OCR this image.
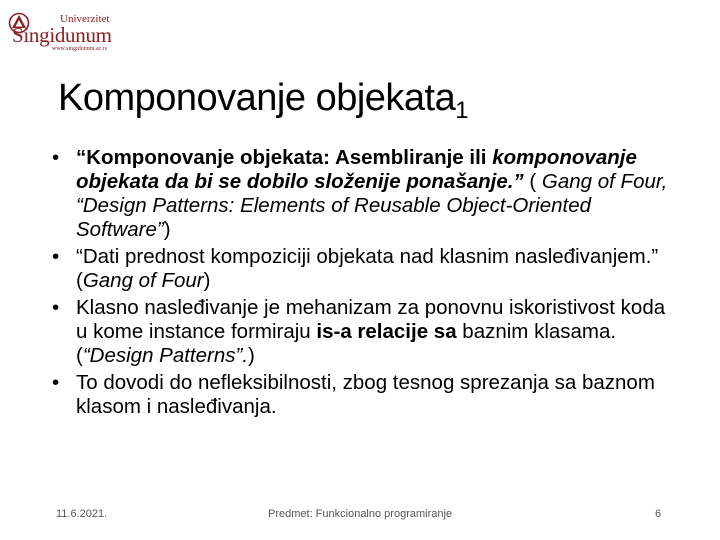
Univerzitet
Singidunum
www.singidunum.ac.rs
Komponovanje objekata$_1$
• “Komponovanje objekata: Asembliranje ili komponovanje objekata da bi se dobilo složenije ponašanje.” ( Gang of Four, “Design Patterns: Elements of Reusable Object-Oriented Software”)
• “Dati prednost kompoziciji objekata nad klasnim nasleđivanjem.” (Gang of Four)
• Klasno nasleđivanje je mehanizam za ponovnu iskoristivost koda u kome instance formiraju is-a relacije sa baznim klasama. (“Design Patterns”.)
• To dovodi do nefleksibilnosti, zbog tesnog sprezanja sa baznom klasom i nasleđivanja.
11.6.2021.	Predmet: Funkcionalno programiranje	6
